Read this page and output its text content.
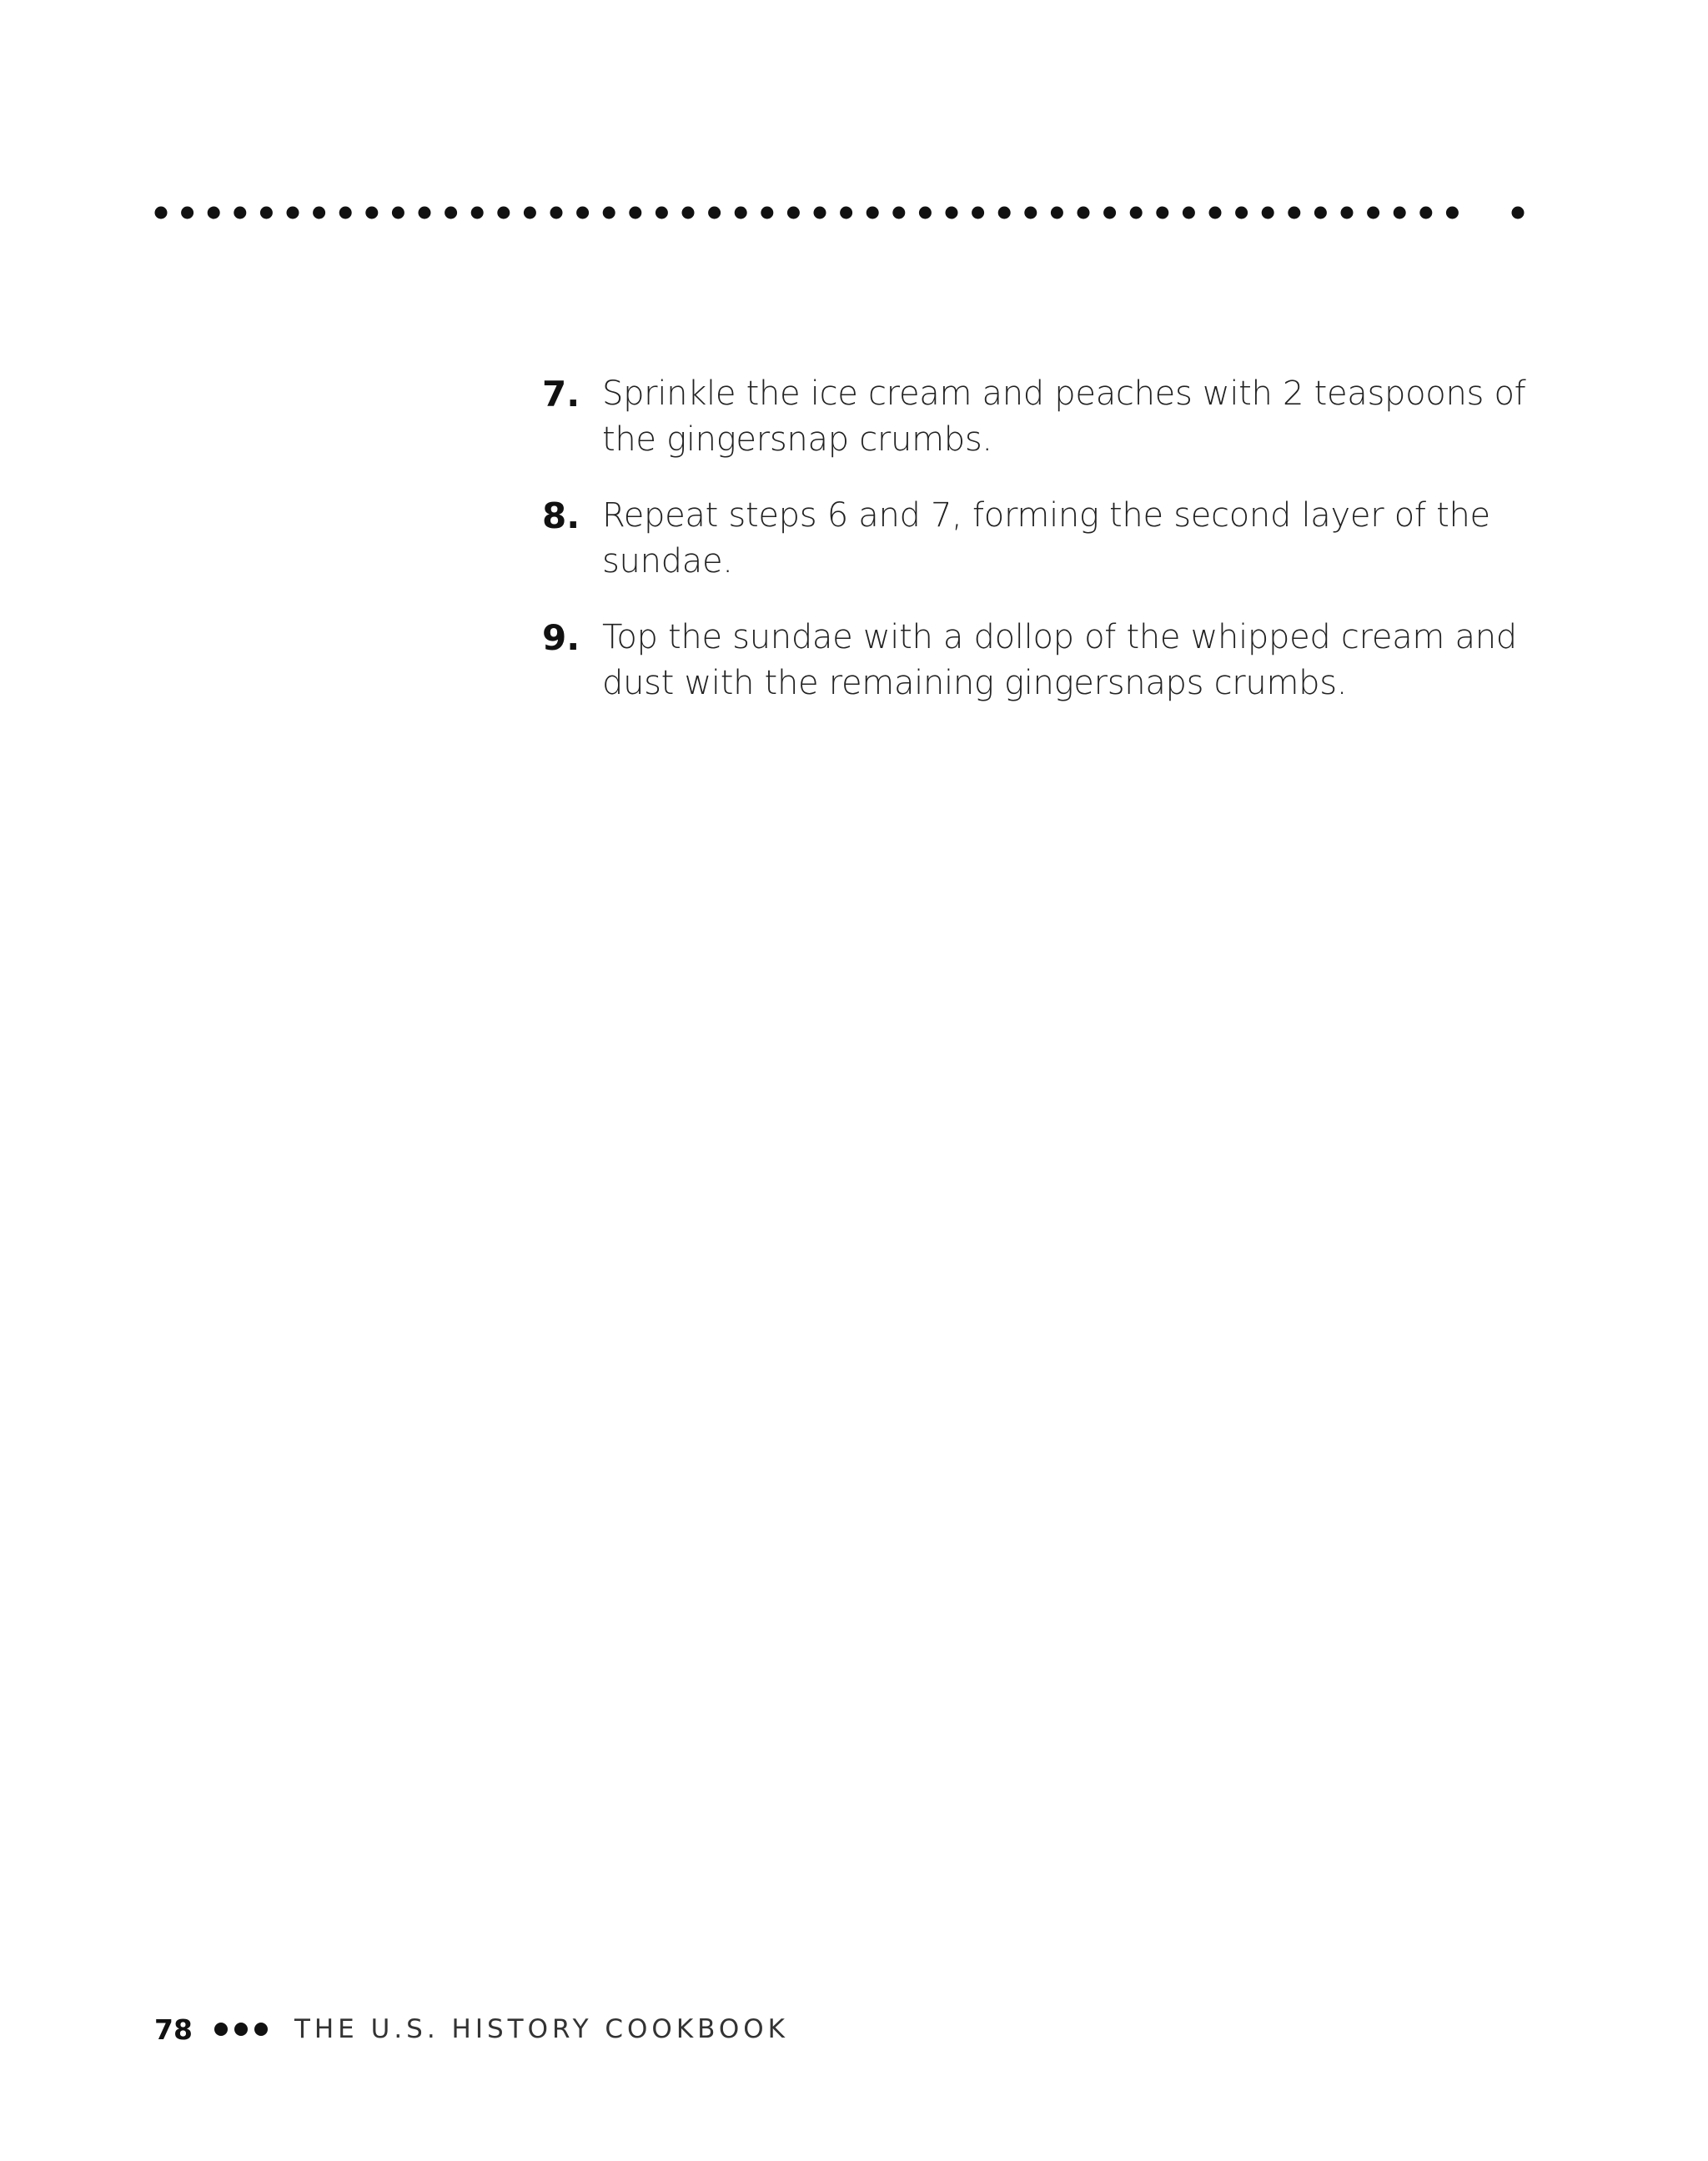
7. Sprinkle the ice cream and peaches with 2 teaspoons of the gingersnap crumbs.
8. Repeat steps 6 and 7, forming the second layer of the sundae.
9. Top the sundae with a dollop of the whipped cream and dust with the remaining gingersnaps crumbs.
78	THE U.S. HISTORY COOKBOOK
